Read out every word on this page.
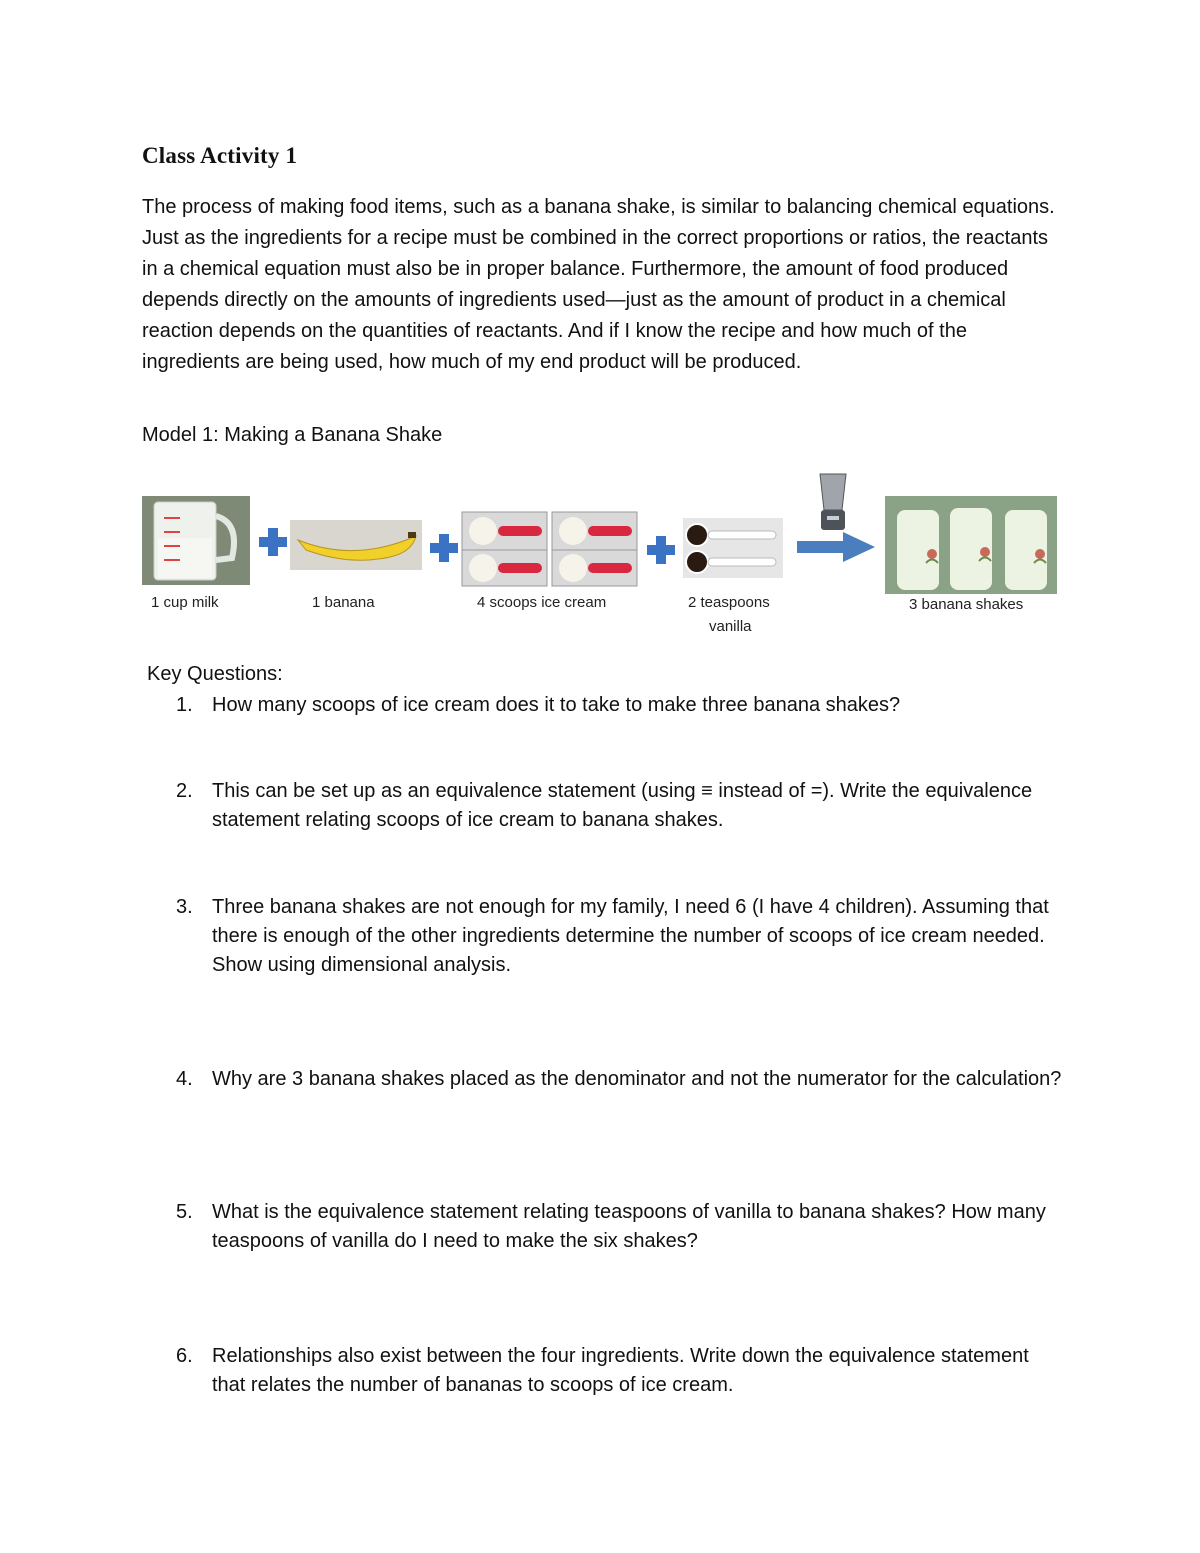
Class Activity 1

The process of making food items, such as a banana shake, is similar to balancing chemical equations. Just as the ingredients for a recipe must be combined in the correct proportions or ratios, the reactants in a chemical equation must also be in proper balance. Furthermore, the amount of food produced depends directly on the amounts of ingredients used—just as the amount of product in a chemical reaction depends on the quantities of reactants. And if I know the recipe and how much of the ingredients are being used, how much of my end product will be produced.

Model 1: Making a Banana Shake
1 cup milk	1 banana	4 scoops ice cream	2 teaspoons
vanilla
3 banana shakes
Key Questions:
1. How many scoops of ice cream does it to take to make three banana shakes?
2. This can be set up as an equivalence statement (using ≡ instead of =). Write the equivalence statement relating scoops of ice cream to banana shakes.
3. Three banana shakes are not enough for my family, I need 6 (I have 4 children). Assuming that there is enough of the other ingredients determine the number of scoops of ice cream needed. Show using dimensional analysis.
4. Why are 3 banana shakes placed as the denominator and not the numerator for the calculation?
5. What is the equivalence statement relating teaspoons of vanilla to banana shakes? How many teaspoons of vanilla do I need to make the six shakes?
6. Relationships also exist between the four ingredients. Write down the equivalence statement that relates the number of bananas to scoops of ice cream.
